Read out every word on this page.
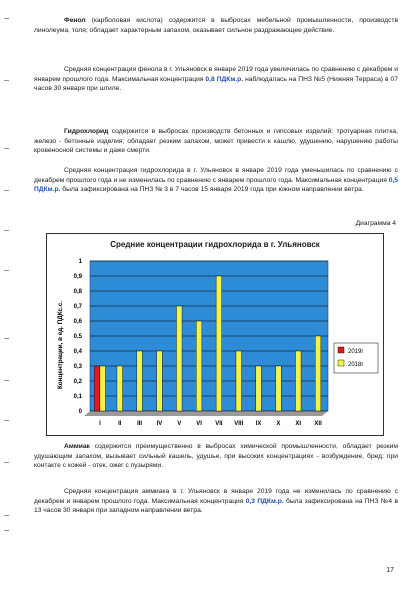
Фенол (карболовая кислота) содержится в выбросах мебельной промышленности, производств линолеума, толя; обладает характерным запахом, оказывает сильное раздражающее действие.

Средняя концентрация фенола в г. Ульяновск в январе 2019 года увеличилась по сравнению с декабрем и январем прошлого года. Максимальная концентрация 0,8 ПДКм.р. наблюдалась на ПНЗ №5 (Нижняя Терраса) в 07 часов 30 января при штиле.

Гидрохлорид содержится в выбросах производств бетонных и гипсовых изделий: тротуарная плитка, железо - бетонные изделия; обладает резким запахом, может привести к кашлю, удушению, нарушению работы кровеносной системы и даже смерти.

Средняя концентрация гидрохлорида в г. Ульяновск в январе 2019 года уменьшилась по сравнению с декабрем прошлого года и не изменилась по сравнению с январем прошлого года. Максимальная концентрация 0,5 ПДКм.р. была зафиксирована на ПНЗ № 3 в 7 часов 15 января 2019 года при южном направлении ветра.

Диаграмма 4
Средние концентрации гидрохлорида в г. Ульяновск
Концентрации, в ед. ПДКс.с.
0
0,1
0,2
0,3
0,4
0,5
0,6
0,7
0,8
0,9
1
I	II	III IV V VI VII VIII IX X XI XII
2019г
2018г

Аммиак содержится преимущественно в выбросах химической промышленности, обладает резким удушающим запахом, вызывает сильный кашель, удушье, при высоких концентрациях - возбуждение, бред; при контакте с кожей - отек, ожег с пузырями.

Средняя концентрация аммиака в г. Ульяновск в январе 2019 года не изменилась по сравнению с декабрем и январем прошлого года. Максимальная концентрация 0,3 ПДКм.р. была зафиксирована на ПНЗ №4 в 13 часов 30 января при западном направлении ветра.

17
